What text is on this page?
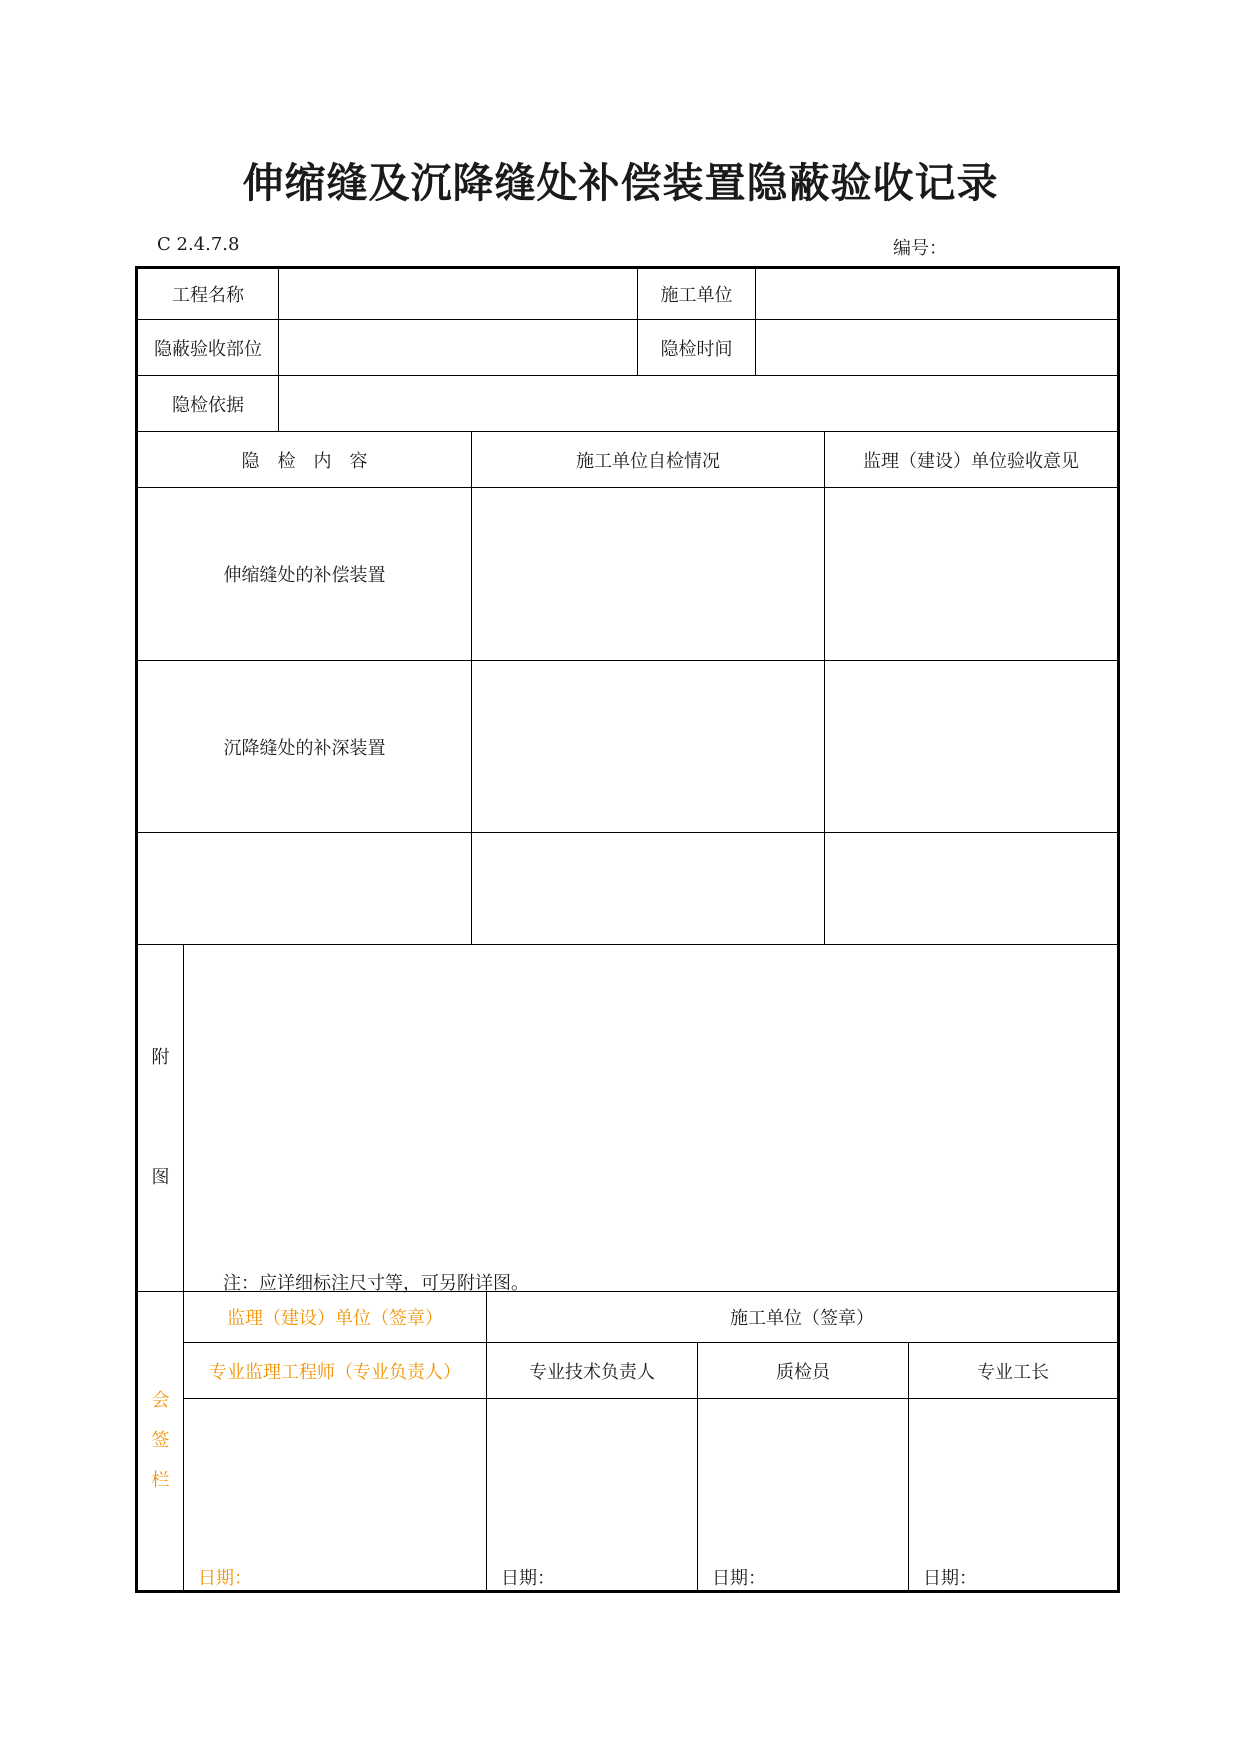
伸缩缝及沉降缝处补偿装置隐蔽验收记录
C 2.4.7.8	编号：
工程名称	施工单位
隐蔽验收部位	隐检时间
隐检依据
隐　检　内　容	施工单位自检情况	监理（建设）单位验收意见
伸缩缝处的补偿装置
沉降缝处的补深装置
附
图
注：应详细标注尺寸等，可另附详图。
会
签
栏
监理（建设）单位（签章）	施工单位（签章）
专业监理工程师（专业负责人）	专业技术负责人	质检员	专业工长
日期：	日期：	日期：	日期：
